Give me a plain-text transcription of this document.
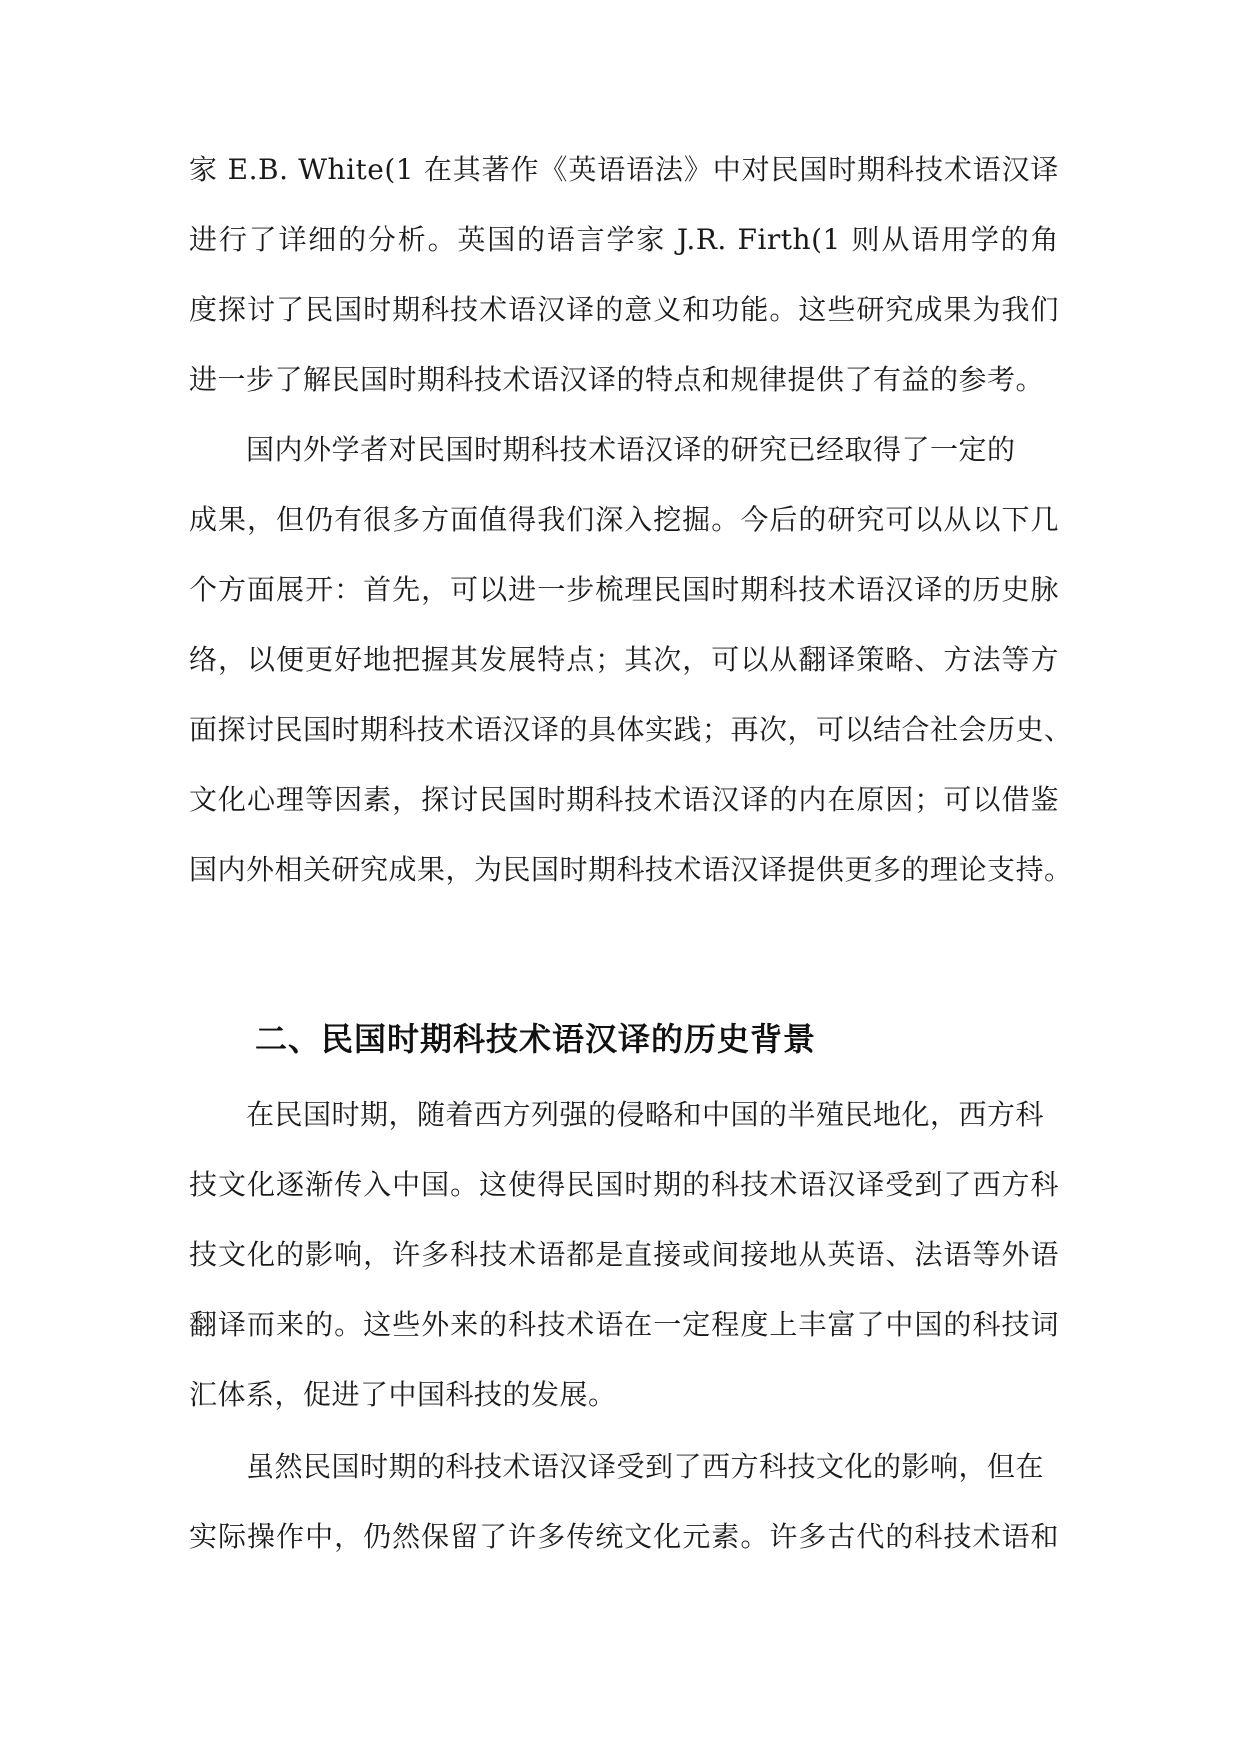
家 E.B. White(1 在其著作《英语语法》中对民国时期科技术语汉译
进行了详细的分析。英国的语言学家 J.R. Firth(1 则从语用学的角
度探讨了民国时期科技术语汉译的意义和功能。这些研究成果为我们
进一步了解民国时期科技术语汉译的特点和规律提供了有益的参考。
国内外学者对民国时期科技术语汉译的研究已经取得了一定的
成果，但仍有很多方面值得我们深入挖掘。今后的研究可以从以下几
个方面展开：首先，可以进一步梳理民国时期科技术语汉译的历史脉
络，以便更好地把握其发展特点；其次，可以从翻译策略、方法等方
面探讨民国时期科技术语汉译的具体实践；再次，可以结合社会历史、
文化心理等因素，探讨民国时期科技术语汉译的内在原因；可以借鉴
国内外相关研究成果，为民国时期科技术语汉译提供更多的理论支持。
二、民国时期科技术语汉译的历史背景
在民国时期，随着西方列强的侵略和中国的半殖民地化，西方科
技文化逐渐传入中国。这使得民国时期的科技术语汉译受到了西方科
技文化的影响，许多科技术语都是直接或间接地从英语、法语等外语
翻译而来的。这些外来的科技术语在一定程度上丰富了中国的科技词
汇体系，促进了中国科技的发展。
虽然民国时期的科技术语汉译受到了西方科技文化的影响，但在
实际操作中，仍然保留了许多传统文化元素。许多古代的科技术语和
